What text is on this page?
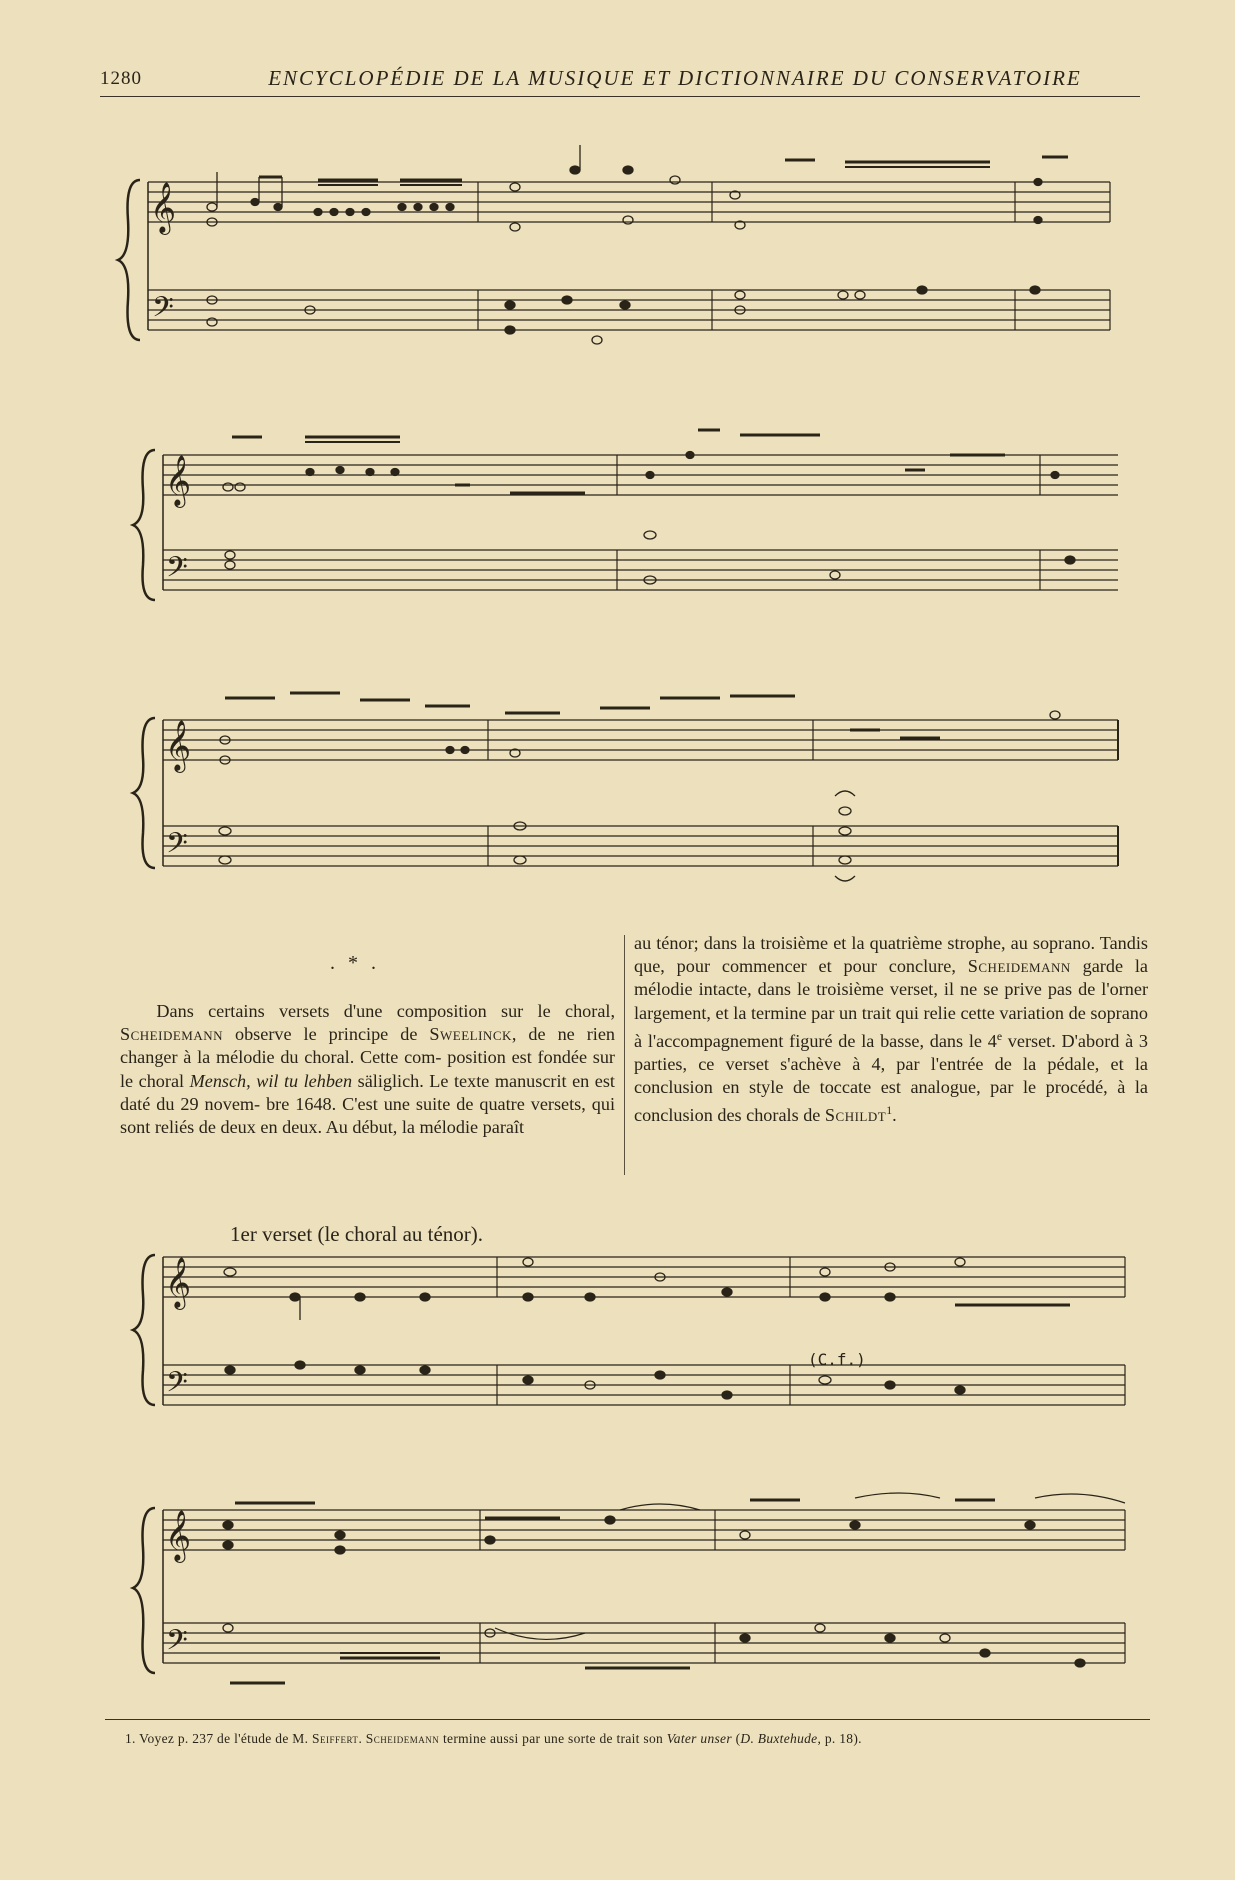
1280	ENCYCLOPÉDIE DE LA MUSIQUE ET DICTIONNAIRE DU CONSERVATOIRE
𝄞
𝄢
𝄞
𝄢
𝄞
𝄢
. * .
Dans certains versets d'une composition sur le choral, Scheidemann observe le principe de Sweelinck, de ne rien changer à la mélodie du choral. Cette com- position est fondée sur le choral Mensch, wil tu lehben säliglich. Le texte manuscrit en est daté du 29 novem- bre 1648. C'est une suite de quatre versets, qui sont reliés de deux en deux. Au début, la mélodie paraît
au ténor; dans la troisième et la quatrième strophe, au soprano. Tandis que, pour commencer et pour conclure, Scheidemann garde la mélodie intacte, dans le troisième verset, il ne se prive pas de l'orner largement, et la termine par un trait qui relie cette variation de soprano à l'accompagnement figuré de la basse, dans le 4e verset. D'abord à 3 parties, ce verset s'achève à 4, par l'entrée de la pédale, et la conclusion en style de toccate est analogue, par le procédé, à la conclusion des chorals de Schildt$^1$.
1er verset (le choral au ténor).
𝄞
𝄢
(C.f.)
𝄞
𝄢
1. Voyez p. 237 de l'étude de M. Seiffert. Scheidemann termine aussi par une sorte de trait son Vater unser (D. Buxtehude, p. 18).
